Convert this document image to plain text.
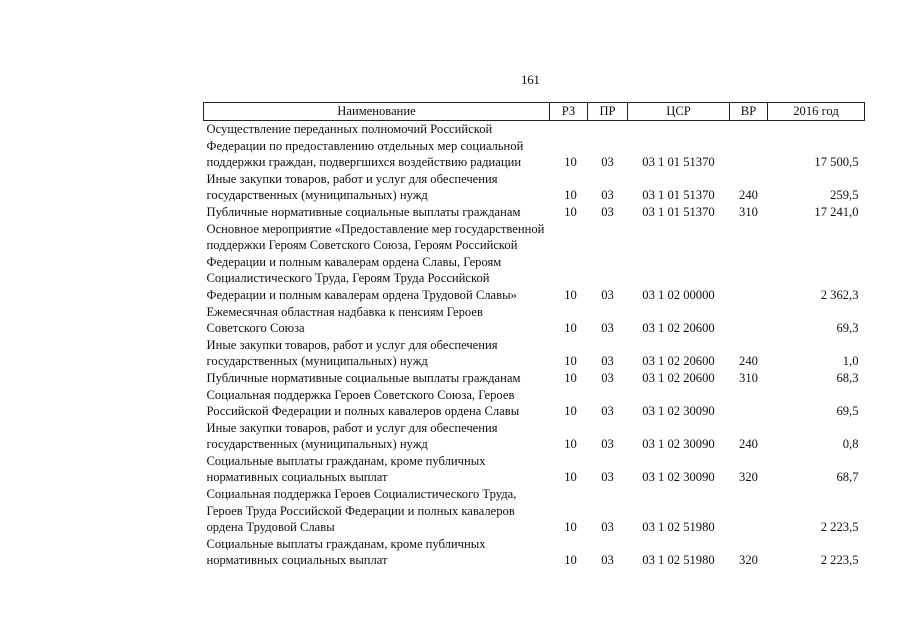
161
Наименование	РЗ	ПР	ЦСР	ВР	2016 год

Осуществление переданных полномочий Российской
Федерации по предоставлению отдельных мер социальной
поддержки граждан, подвергшихся воздействию радиации	10	03	03 1 01 51370		17 500,5

Иные закупки товаров, работ и услуг для обеспечения
государственных (муниципальных) нужд	10	03	03 1 01 51370	240	259,5

Публичные нормативные социальные выплаты гражданам	10	03	03 1 01 51370	310	17 241,0

Основное мероприятие «Предоставление мер государственной
поддержки Героям Советского Союза, Героям Российской
Федерации и полным кавалерам ордена Славы, Героям
Социалистического Труда, Героям Труда Российской
Федерации и полным кавалерам ордена Трудовой Славы»	10	03	03 1 02 00000		2 362,3

Ежемесячная областная надбавка к пенсиям Героев
Советского Союза	10	03	03 1 02 20600		69,3

Иные закупки товаров, работ и услуг для обеспечения
государственных (муниципальных) нужд	10	03	03 1 02 20600	240	1,0

Публичные нормативные социальные выплаты гражданам	10	03	03 1 02 20600	310	68,3

Социальная поддержка Героев Советского Союза, Героев
Российской Федерации и полных кавалеров ордена Славы	10	03	03 1 02 30090		69,5

Иные закупки товаров, работ и услуг для обеспечения
государственных (муниципальных) нужд	10	03	03 1 02 30090	240	0,8

Социальные выплаты гражданам, кроме публичных
нормативных социальных выплат	10	03	03 1 02 30090	320	68,7

Социальная поддержка Героев Социалистического Труда,
Героев Труда Российской Федерации и полных кавалеров
ордена Трудовой Славы	10	03	03 1 02 51980		2 223,5

Социальные выплаты гражданам, кроме публичных
нормативных социальных выплат	10	03	03 1 02 51980	320	2 223,5
